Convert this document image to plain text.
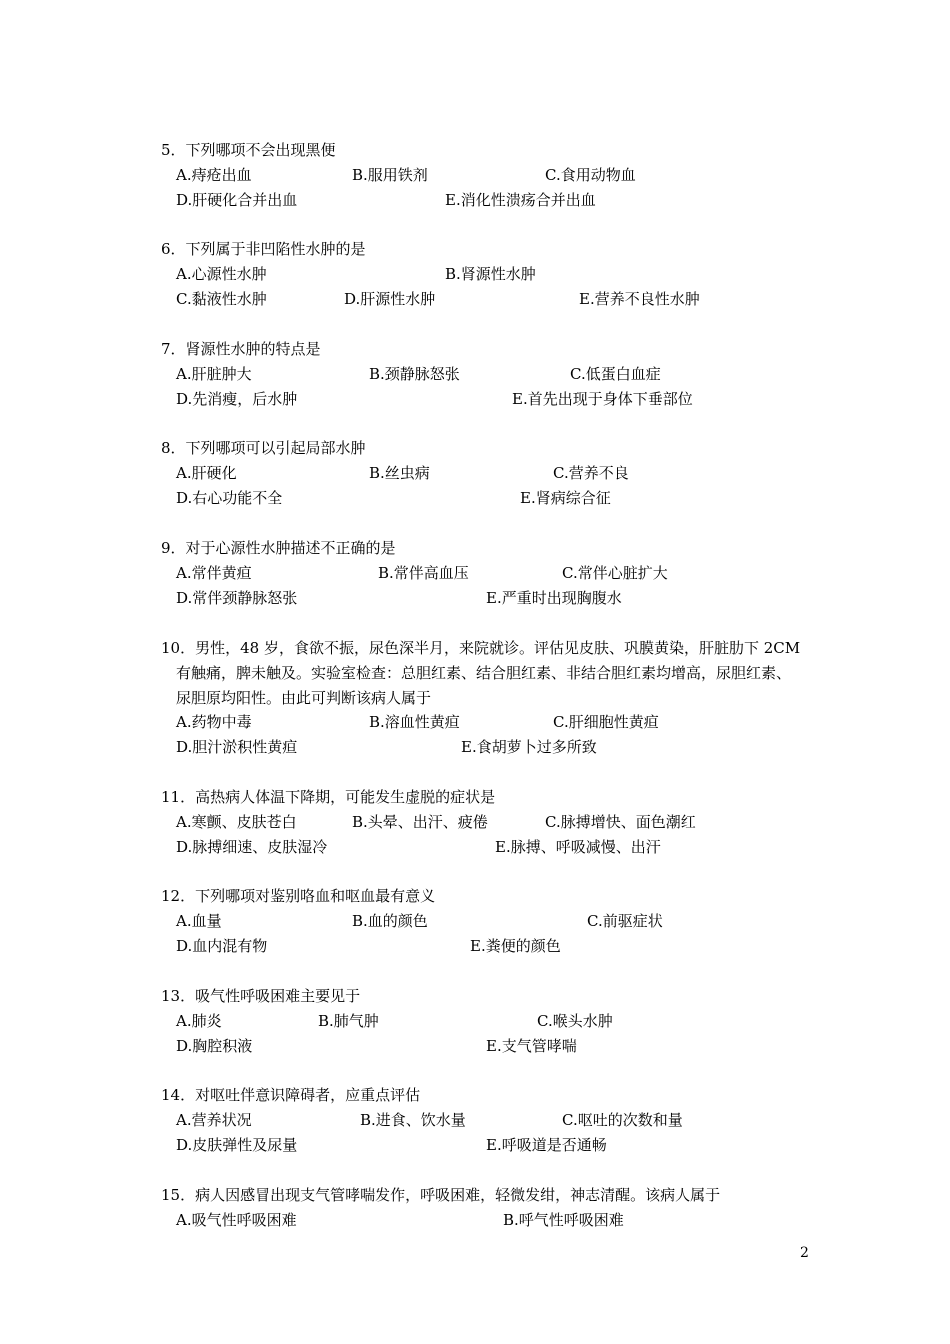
5．下列哪项不会出现黑便
A.痔疮出血	B.服用铁剂	C.食用动物血
D.肝硬化合并出血	E.消化性溃疡合并出血
6．下列属于非凹陷性水肿的是
A.心源性水肿	B.肾源性水肿
C.黏液性水肿	D.肝源性水肿	E.营养不良性水肿
7．肾源性水肿的特点是
A.肝脏肿大	B.颈静脉怒张	C.低蛋白血症
D.先消瘦，后水肿	E.首先出现于身体下垂部位
8．下列哪项可以引起局部水肿
A.肝硬化	B.丝虫病	C.营养不良
D.右心功能不全	E.肾病综合征
9．对于心源性水肿描述不正确的是
A.常伴黄疸	B.常伴高血压	C.常伴心脏扩大
D.常伴颈静脉怒张	E.严重时出现胸腹水
10．男性，48 岁，食欲不振，尿色深半月，来院就诊。评估见皮肤、巩膜黄染，肝脏肋下 2CM
有触痛，脾未触及。实验室检查：总胆红素、结合胆红素、非结合胆红素均增高，尿胆红素、
尿胆原均阳性。由此可判断该病人属于
A.药物中毒	B.溶血性黄疸	C.肝细胞性黄疸
D.胆汁淤积性黄疸	E.食胡萝卜过多所致
11．高热病人体温下降期，可能发生虚脱的症状是
A.寒颤、皮肤苍白	B.头晕、出汗、疲倦	C.脉搏增快、面色潮红
D.脉搏细速、皮肤湿冷	E.脉搏、呼吸减慢、出汗
12．下列哪项对鉴别咯血和呕血最有意义
A.血量	B.血的颜色	C.前驱症状
D.血内混有物	E.粪便的颜色
13．吸气性呼吸困难主要见于
A.肺炎	B.肺气肿	C.喉头水肿
D.胸腔积液	E.支气管哮喘
14．对呕吐伴意识障碍者，应重点评估
A.营养状况	B.进食、饮水量	C.呕吐的次数和量
D.皮肤弹性及尿量	E.呼吸道是否通畅
15．病人因感冒出现支气管哮喘发作，呼吸困难，轻微发绀，神志清醒。该病人属于
A.吸气性呼吸困难	B.呼气性呼吸困难
2
